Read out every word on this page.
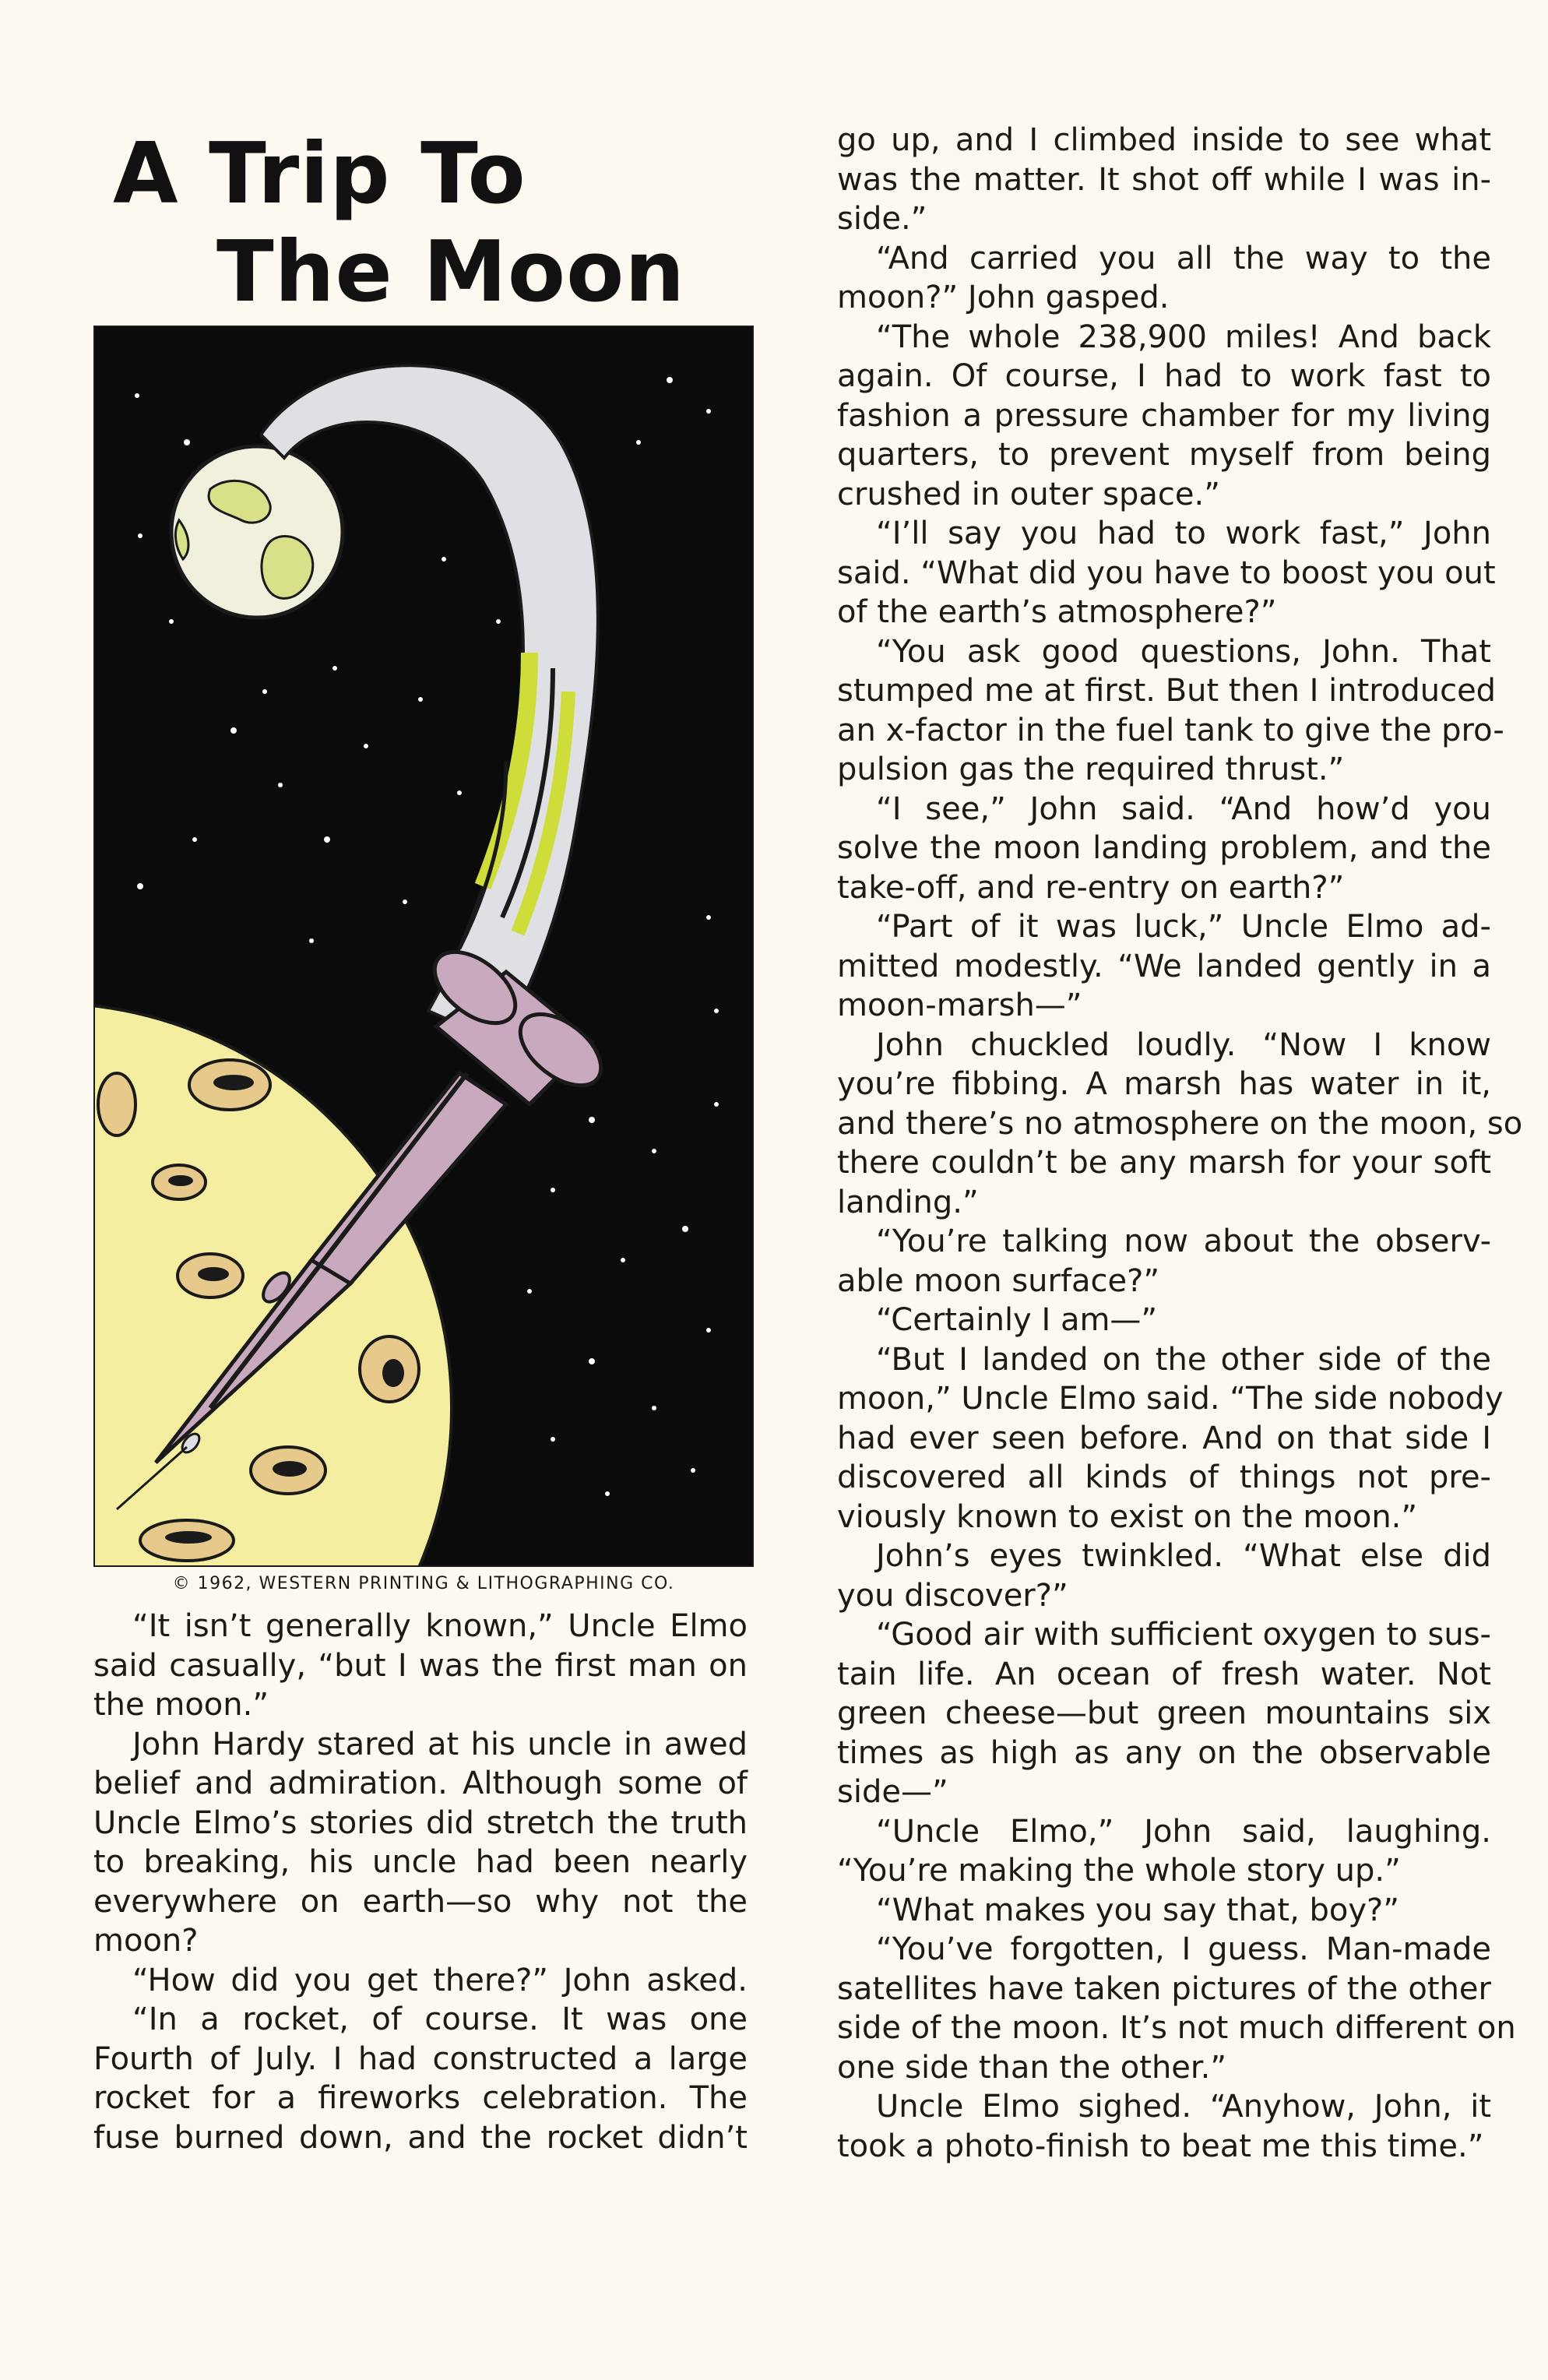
A Trip To
The Moon
© 1962, WESTERN PRINTING & LITHOGRAPHING CO.
“It isn’t generally known,” Uncle Elmo
said casually, “but I was the first man on
the moon.”
John Hardy stared at his uncle in awed
belief and admiration. Although some of
Uncle Elmo’s stories did stretch the truth
to breaking, his uncle had been nearly
everywhere on earth—so why not the
moon?
“How did you get there?” John asked.
“In a rocket, of course. It was one
Fourth of July. I had constructed a large
rocket for a fireworks celebration. The
fuse burned down, and the rocket didn’t
go up, and I climbed inside to see what
was the matter. It shot off while I was in-
side.”
“And carried you all the way to the
moon?” John gasped.
“The whole 238,900 miles! And back
again. Of course, I had to work fast to
fashion a pressure chamber for my living
quarters, to prevent myself from being
crushed in outer space.”
“I’ll say you had to work fast,” John
said. “What did you have to boost you out
of the earth’s atmosphere?”
“You ask good questions, John. That
stumped me at first. But then I introduced
an x-factor in the fuel tank to give the pro-
pulsion gas the required thrust.”
“I see,” John said. “And how’d you
solve the moon landing problem, and the
take-off, and re-entry on earth?”
“Part of it was luck,” Uncle Elmo ad-
mitted modestly. “We landed gently in a
moon-marsh—”
John chuckled loudly. “Now I know
you’re fibbing. A marsh has water in it,
and there’s no atmosphere on the moon, so
there couldn’t be any marsh for your soft
landing.”
“You’re talking now about the observ-
able moon surface?”
“Certainly I am—”
“But I landed on the other side of the
moon,” Uncle Elmo said. “The side nobody
had ever seen before. And on that side I
discovered all kinds of things not pre-
viously known to exist on the moon.”
John’s eyes twinkled. “What else did
you discover?”
“Good air with sufficient oxygen to sus-
tain life. An ocean of fresh water. Not
green cheese—but green mountains six
times as high as any on the observable
side—”
“Uncle Elmo,” John said, laughing.
“You’re making the whole story up.”
“What makes you say that, boy?”
“You’ve forgotten, I guess. Man-made
satellites have taken pictures of the other
side of the moon. It’s not much different on
one side than the other.”
Uncle Elmo sighed. “Anyhow, John, it
took a photo-finish to beat me this time.”
